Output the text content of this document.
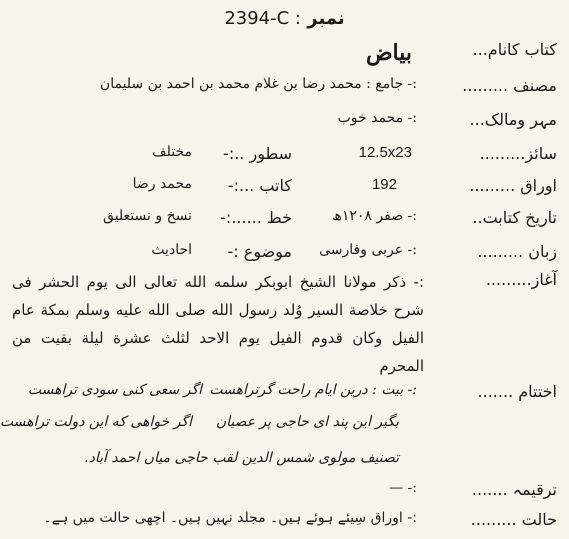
نمبر 2394-C :
كتاب كانام...
بیاض
مصنف .........
:- جامع : محمد رضا بن غلام محمد بن احمد بن سلیمان
مہر ومالک...
:- محمد خوب
سائز.........
12.5x23
سطور ..:-
مختلف
اوراق .........
192
كاتب ...:-
محمد رضا
تاریخ کتابت..
:- صفر ۱۲۰۸ھ
خط ......:-
نسخ و نستعلیق
زبان .........
:- عربی وفارسی
موضوع :-
احادیث
آغاز.........
:- ذكر مولانا الشيخ ابوبكر سلمه الله تعالى الى يوم الحشر فى شرح خلاصة السير وُلد رسول الله صلى الله عليه وسلم بمكة عام الفيل وكان قدوم الفيل يوم الاحد لثلث عشرة ليلة بقيت من المحرم
اختتام .......
:- بيت : درين ايام راحت گرتراهست
اگر سعی کنی سودی تراهست
بگیر این پند ای حاجی پر عصیان
اگر خواهی که این دولت تراهست
تصنیف مولوی شمس الدین لقب حاجی میاں احمد آباد.
ترقیمہ .......
:- —
حالت .........
:- اوراق سِیئے ہوئے ہیں۔ مجلد نہیں ہیں۔ اچھی حالت میں ہے۔
